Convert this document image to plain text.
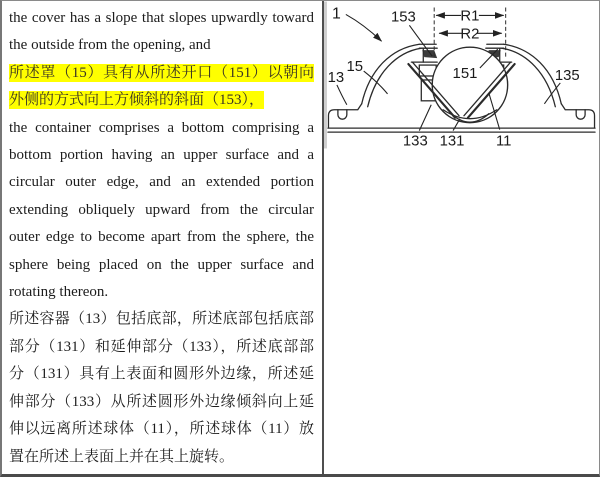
the cover has a slope that slopes upwardly toward the outside from the opening, and

所述罩（15）具有从所述开口（151）以朝向外侧的方式向上方倾斜的斜面（153），

the container comprises a bottom comprising a bottom portion having an upper surface and a circular outer edge, and an extended portion extending obliquely upward from the circular outer edge to become apart from the sphere, the sphere being placed on the upper surface and rotating thereon.

所述容器（13）包括底部，所述底部包括底部部分（131）和延伸部分（133），所述底部部分（131）具有上表面和圆形外边缘，所述延伸部分（133）从所述圆形外边缘倾斜向上延伸以远离所述球体（11），所述球体（11）放置在所述上表面上并在其上旋转。

R1
R2
1	153
15
13	135
151
133 131 11
